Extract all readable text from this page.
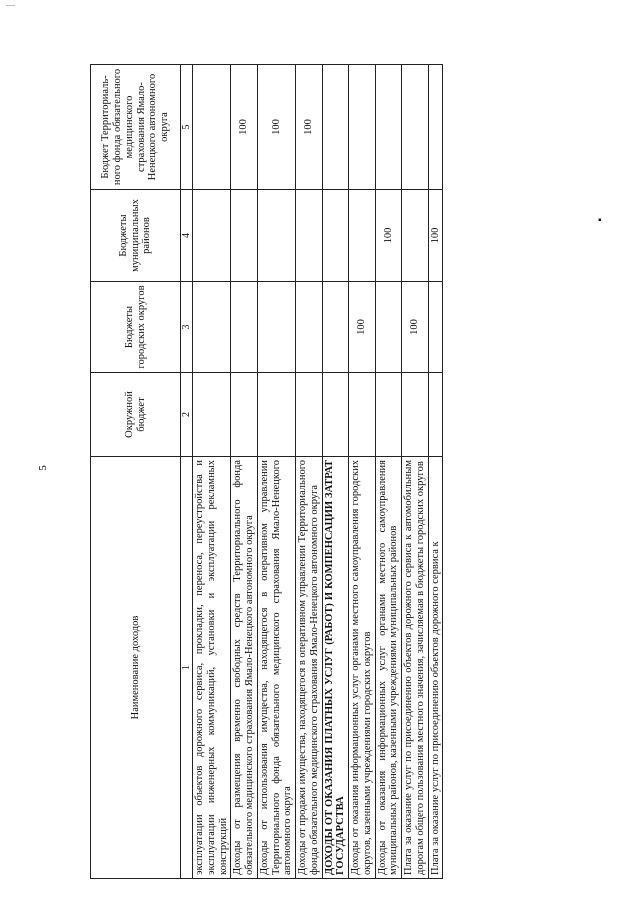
—
5
▪
Наименование доходов	Окружной бюджет	Бюджеты городских округов	Бюджеты муниципальных районов	Бюджет Территориаль-ного фонда обязательного медицинского страхования Ямало-Ненецкого автономного округа
1	2	3	4	5
эксплуатации объектов дорожного сервиса, прокладки, переноса, переустройства и эксплуатации инженерных коммуникаций, установки и эксплуатации рекламных конструкций				
Доходы от размещения временно свободных средств Территориального фонда обязательного медицинского страхования Ямало-Ненецкого автономного округа				100
Доходы от использования имущества, находящегося в оперативном управлении Территориального фонда обязательного медицинского страхования Ямало-Ненецкого автономного округа				100
Доходы от продажи имущества, находящегося в оперативном управлении Территориального фонда обязательного медицинского страхования Ямало-Ненецкого автономного округа				100
ДОХОДЫ ОТ ОКАЗАНИЯ ПЛАТНЫХ УСЛУГ (РАБОТ) И КОМПЕНСАЦИИ ЗАТРАТ ГОСУДАРСТВА				
Доходы от оказания информационных услуг органами местного самоуправления городских округов, казенными учреждениями городских округов		100		
Доходы от оказания информационных услуг органами местного самоуправления муниципальных районов, казенными учреждениями муниципальных районов			100	
Плата за оказание услуг по присоединению объектов дорожного сервиса к автомобильным дорогам общего пользования местного значения, зачисляемая в бюджеты городских округов		100		
Плата за оказание услуг по присоединению объектов дорожного сервиса к			100	
